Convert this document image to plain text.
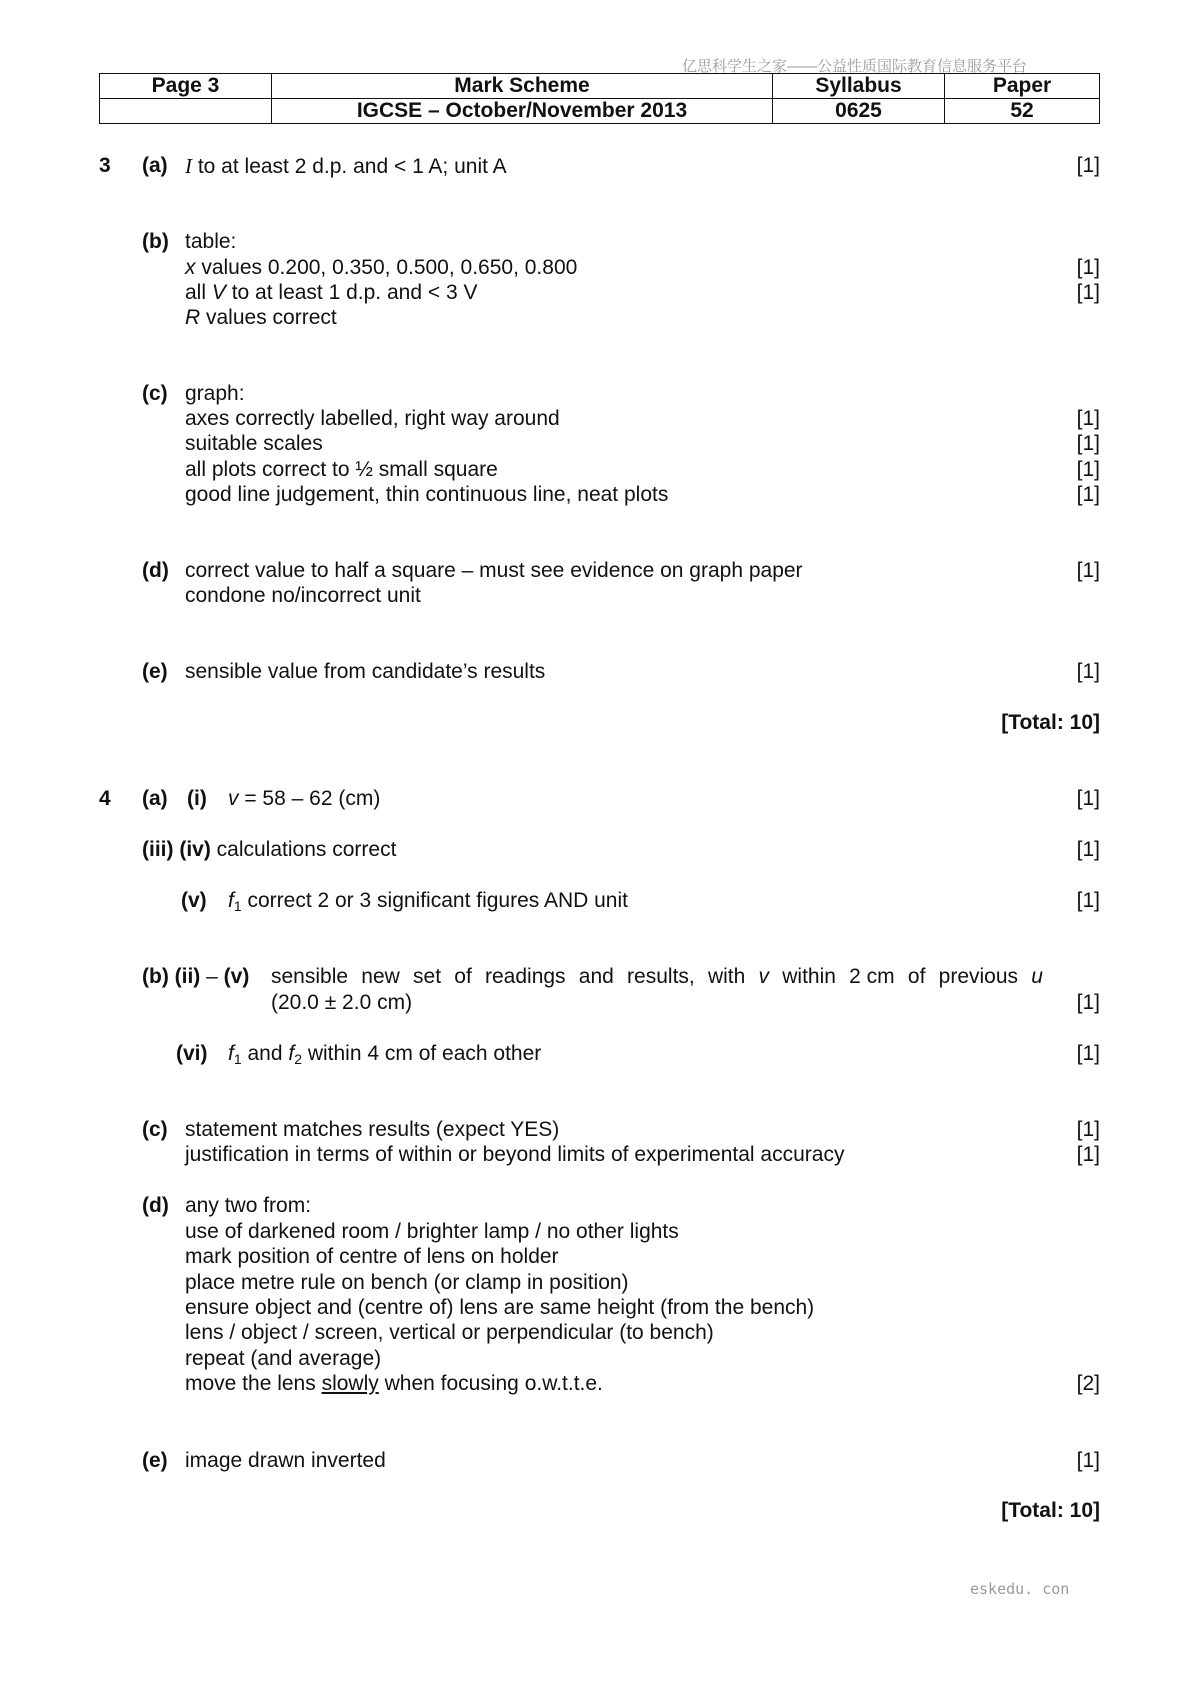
亿思科学生之家——公益性质国际教育信息服务平台
Page 3	Mark Scheme	Syllabus	Paper
	IGCSE – October/November 2013	0625	52
3 (a) I to at least 2 d.p. and < 1 A; unit A	[1]
(b) table:
x values 0.200, 0.350, 0.500, 0.650, 0.800	[1]
all V to at least 1 d.p. and < 3 V	[1]
R values correct
(c) graph:
axes correctly labelled, right way around	[1]
suitable scales	[1]
all plots correct to ½ small square	[1]
good line judgement, thin continuous line, neat plots	[1]
(d) correct value to half a square – must see evidence on graph paper	[1]
condone no/incorrect unit
(e) sensible value from candidate’s results	[1]
[Total: 10]
4 (a) (i) v = 58 – 62 (cm)	[1]
(iii) (iv) calculations correct	[1]
(v) $f_1$ correct 2 or 3 significant figures AND unit	[1]
(b) (ii) – (v) sensible new set of readings and results, with v within 2 cm of previous u
(20.0 ± 2.0 cm)	[1]
(vi) $f_1$ and $f_2$ within 4 cm of each other	[1]
(c) statement matches results (expect YES)	[1]
justification in terms of within or beyond limits of experimental accuracy	[1]
(d) any two from:
use of darkened room / brighter lamp / no other lights
mark position of centre of lens on holder
place metre rule on bench (or clamp in position)
ensure object and (centre of) lens are same height (from the bench)
lens / object / screen, vertical or perpendicular (to bench)
repeat (and average)
move the lens slowly when focusing o.w.t.t.e.	[2]
(e) image drawn inverted	[1]
[Total: 10]
eskedu. con
